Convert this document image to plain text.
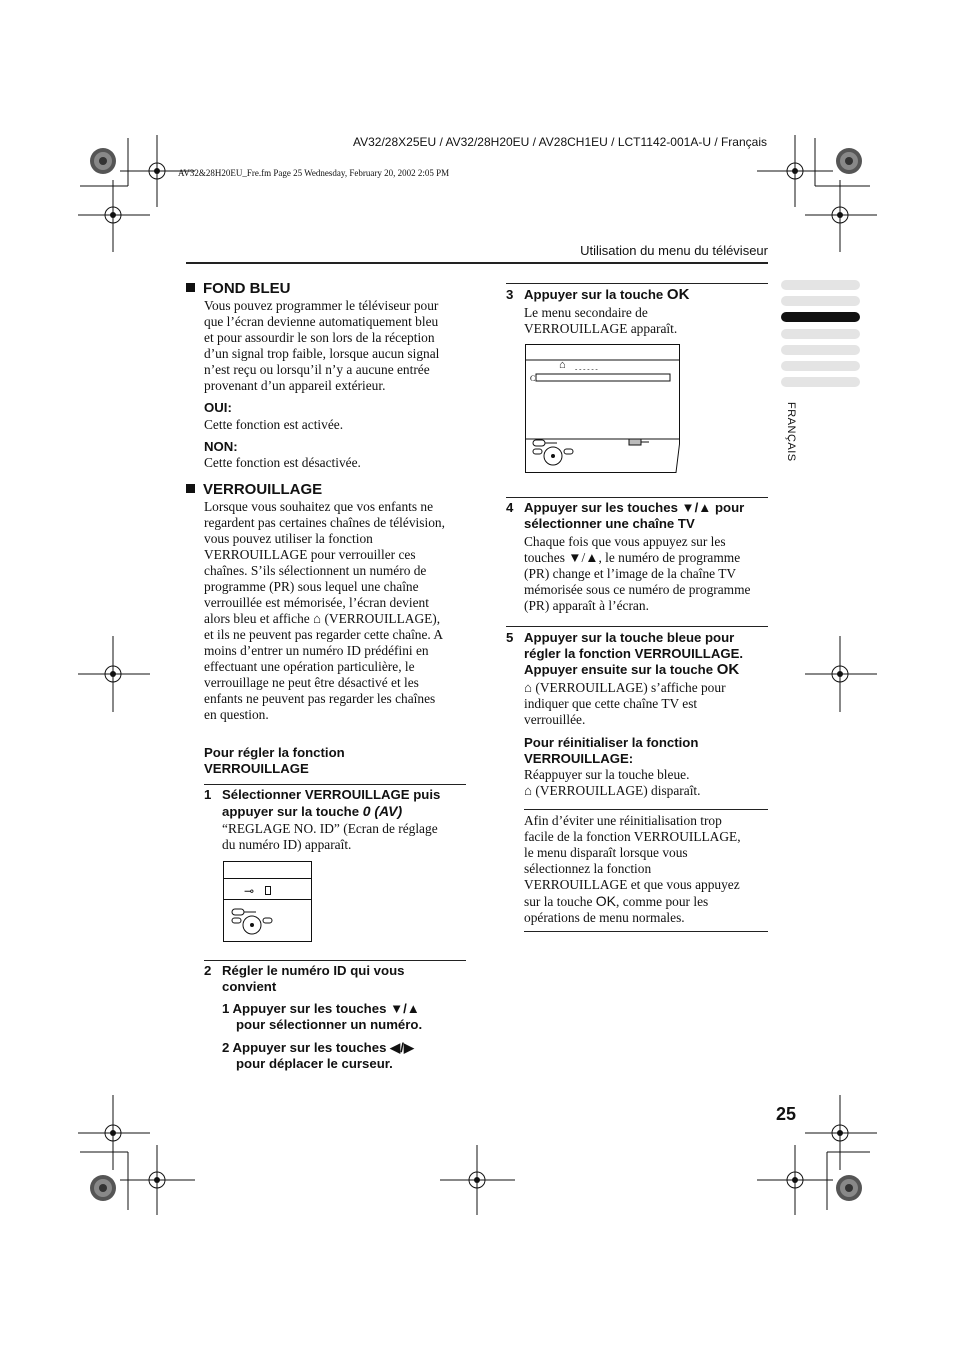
AV32/28X25EU / AV32/28H20EU / AV28CH1EU / LCT1142-001A-U / Français
AV32&28H20EU_Fre.fm Page 25 Wednesday, February 20, 2002 2:05 PM
Utilisation du menu du téléviseur
FRANÇAIS
FOND BLEU
Vous pouvez programmer le téléviseur pour
que l’écran devienne automatiquement bleu
et pour assourdir le son lors de la réception
d’un signal trop faible, lorsque aucun signal
n’est reçu ou lorsqu’il n’y a aucune entrée
provenant d’un appareil extérieur.
OUI:
Cette fonction est activée.
NON:
Cette fonction est désactivée.
VERROUILLAGE
Lorsque vous souhaitez que vos enfants ne
regardent pas certaines chaînes de télévision,
vous pouvez utiliser la fonction
VERROUILLAGE pour verrouiller ces
chaînes. S’ils sélectionnent un numéro de
programme (PR) sous lequel une chaîne
verrouillée est mémorisée, l’écran devient
alors bleu et affiche ⌂ (VERROUILLAGE),
et ils ne peuvent pas regarder cette chaîne. A
moins d’entrer un numéro ID prédéfini en
effectuant une opération particulière, le
verrouillage ne peut être désactivé et les
enfants ne peuvent pas regarder les chaînes
en question.
Pour régler la fonction
VERROUILLAGE
1 Sélectionner VERROUILLAGE puis
appuyer sur la touche 0 (AV)
“REGLAGE NO. ID” (Ecran de réglage
du numéro ID) apparaît.
⊸
2 Régler le numéro ID qui vous
convient
1 Appuyer sur les touches ▼/▲
pour sélectionner un numéro.
2 Appuyer sur les touches ◀/▶
pour déplacer le curseur.
3 Appuyer sur la touche OK
Le menu secondaire de
VERROUILLAGE apparaît.
⌂ - - - - - -
C
4 Appuyer sur les touches ▼/▲ pour
sélectionner une chaîne TV
Chaque fois que vous appuyez sur les
touches ▼/▲, le numéro de programme
(PR) change et l’image de la chaîne TV
mémorisée sous ce numéro de programme
(PR) apparaît à l’écran.
5 Appuyer sur la touche bleue pour
régler la fonction VERROUILLAGE.
Appuyer ensuite sur la touche OK
⌂ (VERROUILLAGE) s’affiche pour
indiquer que cette chaîne TV est
verrouillée.
Pour réinitialiser la fonction
VERROUILLAGE:
Réappuyer sur la touche bleue.
⌂ (VERROUILLAGE) disparaît.
Afin d’éviter une réinitialisation trop
facile de la fonction VERROUILLAGE,
le menu disparaît lorsque vous
sélectionnez la fonction
VERROUILLAGE et que vous appuyez
sur la touche OK, comme pour les
opérations de menu normales.
25
